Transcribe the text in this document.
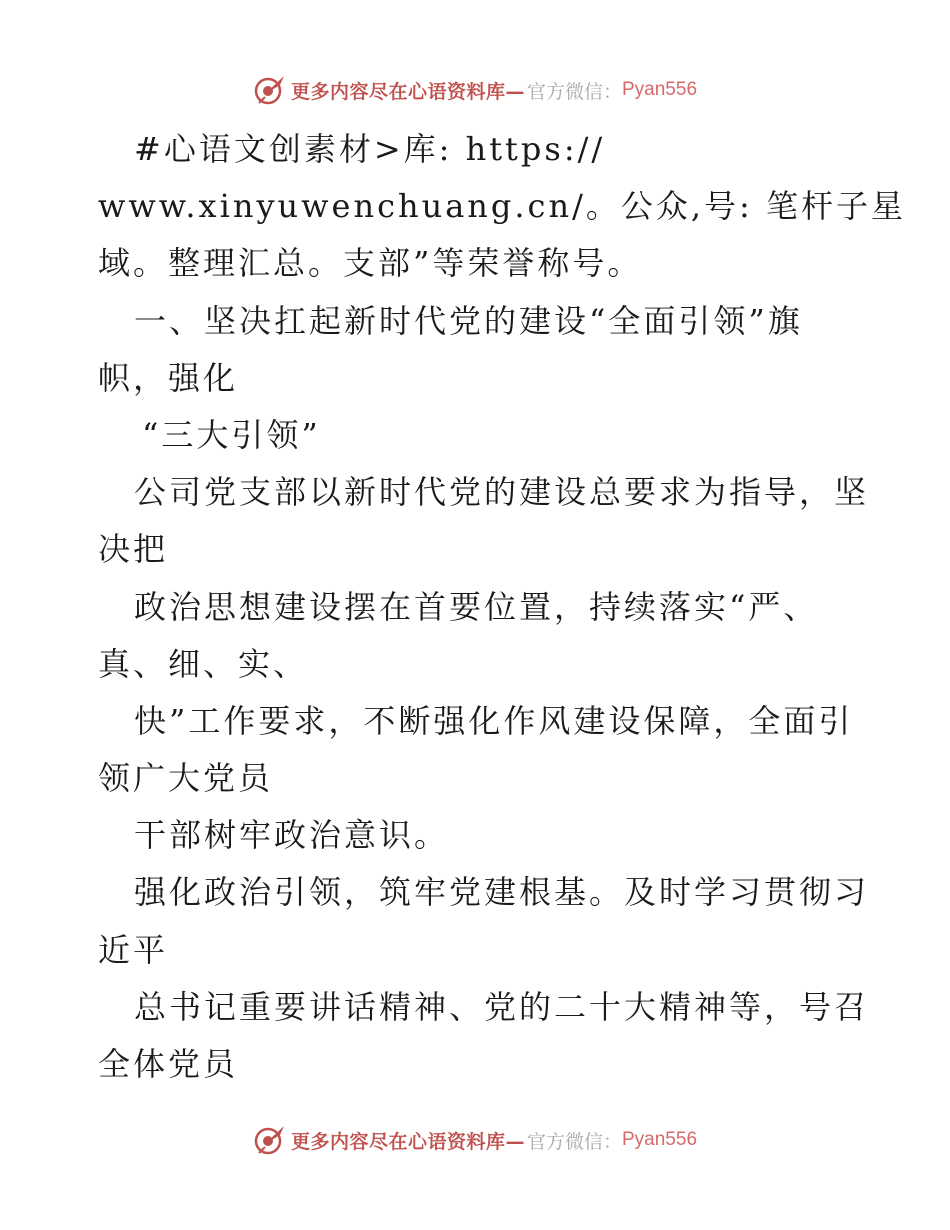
更多内容尽在心语资料库— 官方微信： Pyan556
#心语文创素材>库: https://
www.xinyuwenchuang.cn/。公众,号: 笔杆子星
域。整理汇总。支部”等荣誉称号。
一、坚决扛起新时代党的建设“全面引领”旗
帜，强化
“三大引领”
公司党支部以新时代党的建设总要求为指导，坚
决把
政治思想建设摆在首要位置，持续落实“严、
真、细、实、
快”工作要求，不断强化作风建设保障，全面引
领广大党员
干部树牢政治意识。
强化政治引领，筑牢党建根基。及时学习贯彻习
近平
总书记重要讲话精神、党的二十大精神等，号召
全体党员
更多内容尽在心语资料库— 官方微信： Pyan556
